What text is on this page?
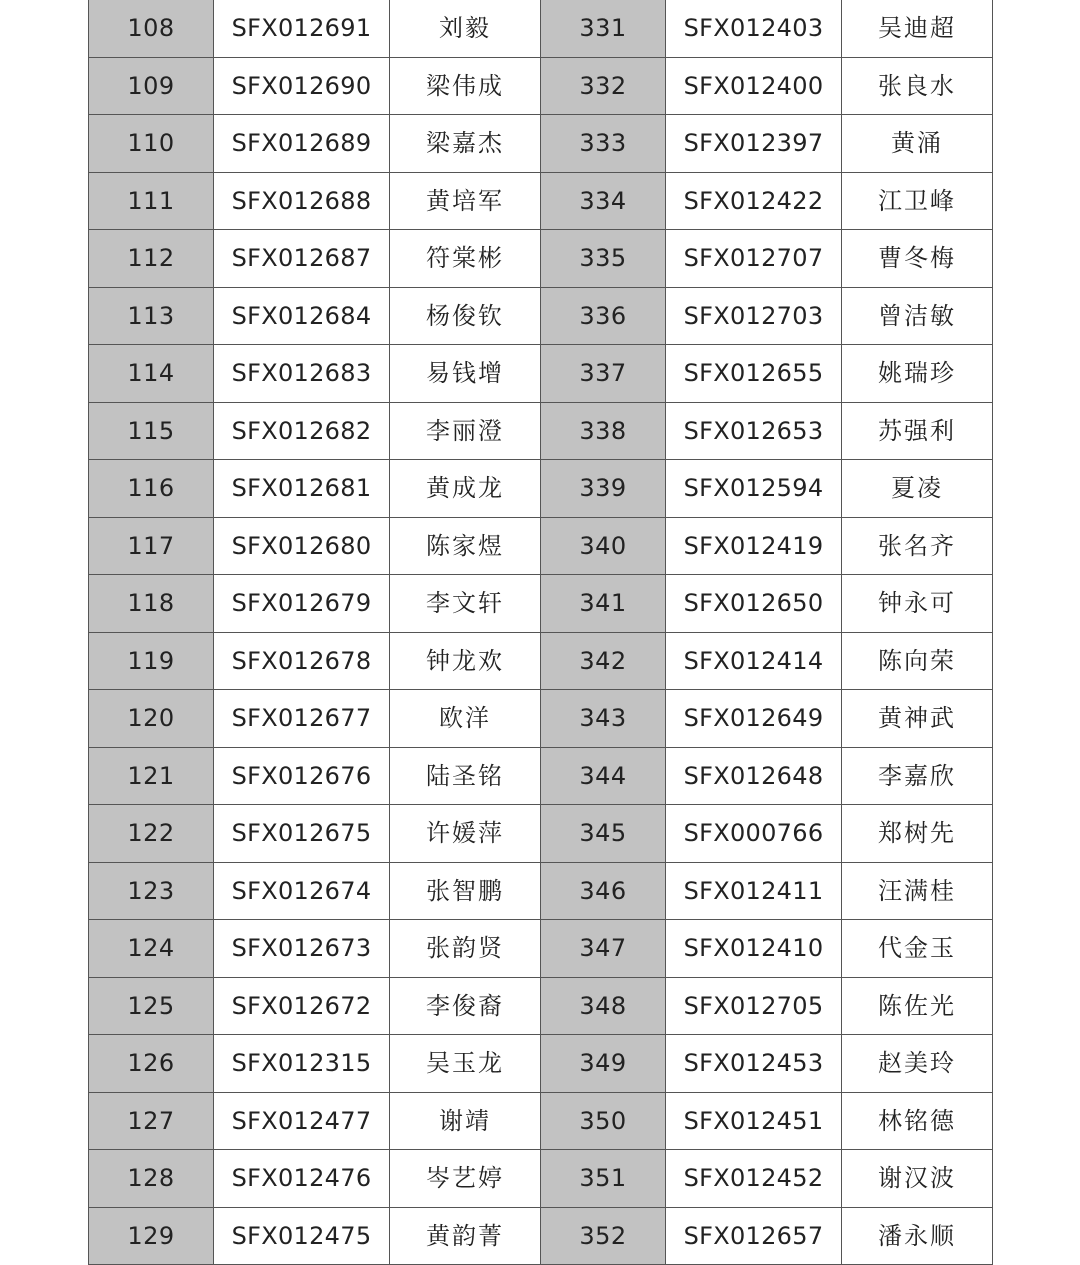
108	SFX012691	刘毅	331	SFX012403	吴迪超
109	SFX012690	梁伟成	332	SFX012400	张良水
110	SFX012689	梁嘉杰	333	SFX012397	黄涌
111	SFX012688	黄培军	334	SFX012422	江卫峰
112	SFX012687	符棠彬	335	SFX012707	曹冬梅
113	SFX012684	杨俊钦	336	SFX012703	曾洁敏
114	SFX012683	易钱增	337	SFX012655	姚瑞珍
115	SFX012682	李丽澄	338	SFX012653	苏强利
116	SFX012681	黄成龙	339	SFX012594	夏凌
117	SFX012680	陈家煜	340	SFX012419	张名齐
118	SFX012679	李文轩	341	SFX012650	钟永可
119	SFX012678	钟龙欢	342	SFX012414	陈向荣
120	SFX012677	欧洋	343	SFX012649	黄神武
121	SFX012676	陆圣铭	344	SFX012648	李嘉欣
122	SFX012675	许媛萍	345	SFX000766	郑树先
123	SFX012674	张智鹏	346	SFX012411	汪满桂
124	SFX012673	张韵贤	347	SFX012410	代金玉
125	SFX012672	李俊裔	348	SFX012705	陈佐光
126	SFX012315	吴玉龙	349	SFX012453	赵美玲
127	SFX012477	谢靖	350	SFX012451	林铭德
128	SFX012476	岑艺婷	351	SFX012452	谢汉波
129	SFX012475	黄韵菁	352	SFX012657	潘永顺
